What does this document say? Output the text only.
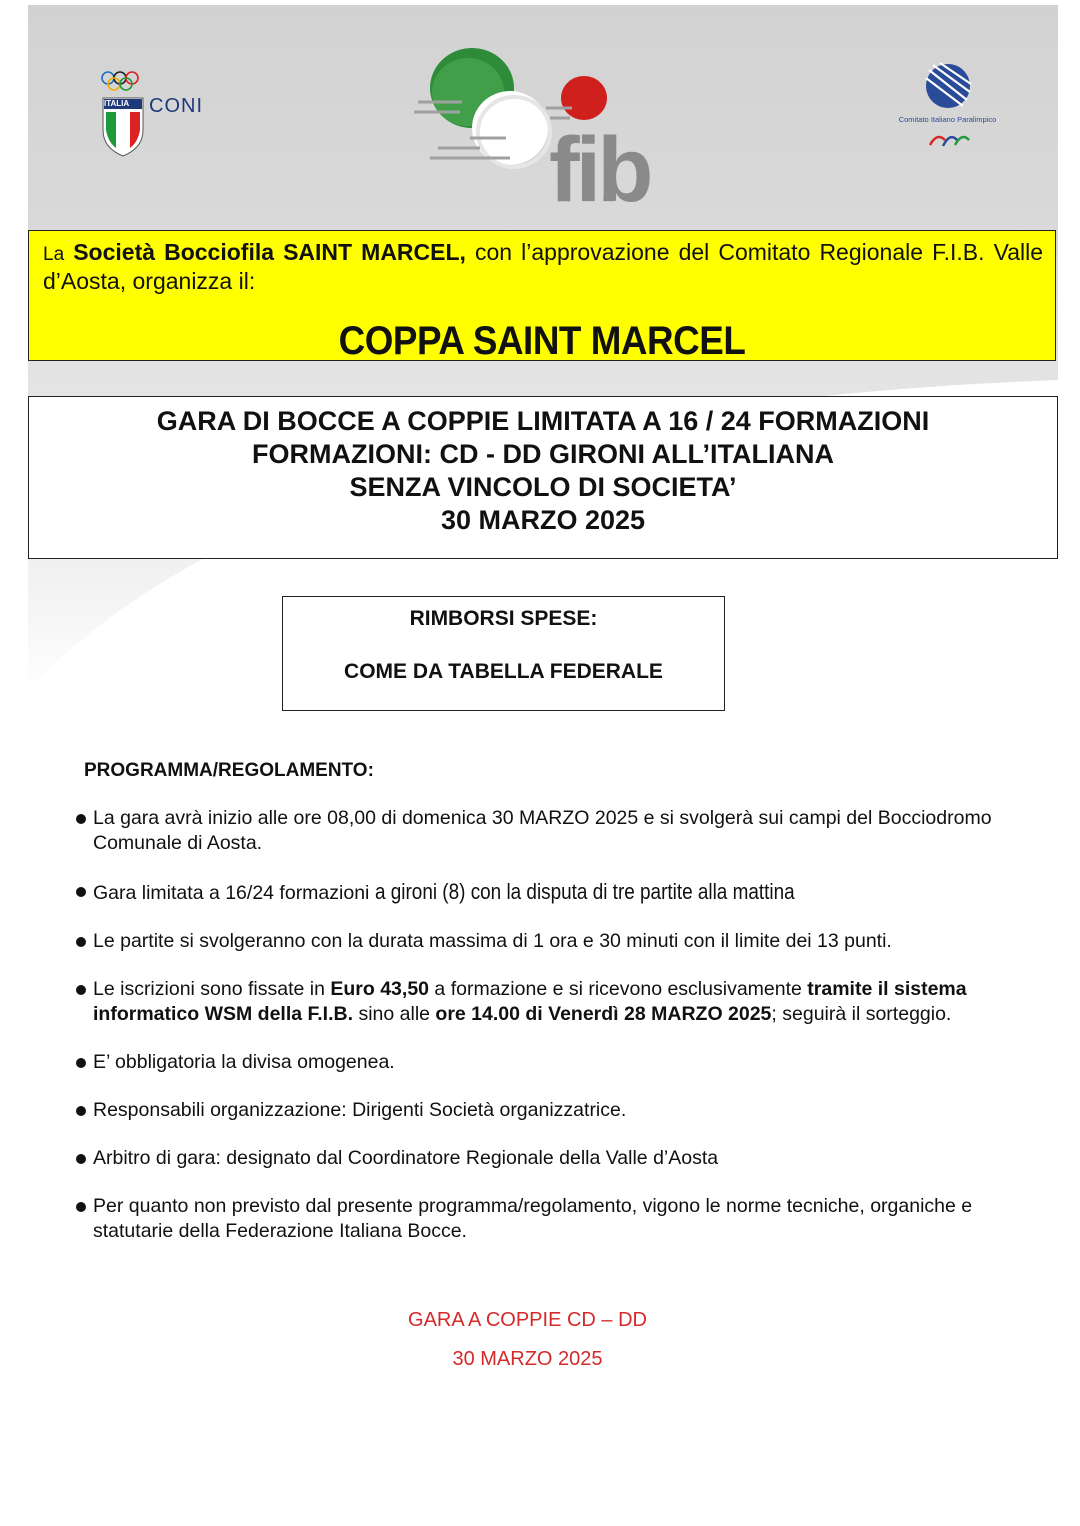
ITALIA CONI
fib	Comitato Italiano Paralimpico
La Società Bocciofila SAINT MARCEL, con l’approvazione del Comitato Regionale F.I.B. Valle d’Aosta, organizza il:
COPPA SAINT MARCEL
GARA DI BOCCE A COPPIE LIMITATA A 16 / 24 FORMAZIONI
FORMAZIONI: CD - DD GIRONI ALL’ITALIANA
SENZA VINCOLO DI SOCIETA’
30 MARZO 2025
RIMBORSI SPESE:
COME DA TABELLA FEDERALE
PROGRAMMA/REGOLAMENTO:
La gara avrà inizio alle ore 08,00 di domenica 30 MARZO 2025 e si svolgerà sui campi del Bocciodromo Comunale di Aosta.
Gara limitata a 16/24 formazioni a gironi (8) con la disputa di tre partite alla mattina
Le partite si svolgeranno con la durata massima di 1 ora e 30 minuti con il limite dei 13 punti.
Le iscrizioni sono fissate in Euro 43,50 a formazione e si ricevono esclusivamente tramite il sistema informatico WSM della F.I.B. sino alle ore 14.00 di Venerdì 28 MARZO 2025; seguirà il sorteggio.
E’ obbligatoria la divisa omogenea.
Responsabili organizzazione: Dirigenti Società organizzatrice.
Arbitro di gara: designato dal Coordinatore Regionale della Valle d’Aosta
Per quanto non previsto dal presente programma/regolamento, vigono le norme tecniche, organiche e statutarie della Federazione Italiana Bocce.
GARA A COPPIE CD – DD
30 MARZO 2025
